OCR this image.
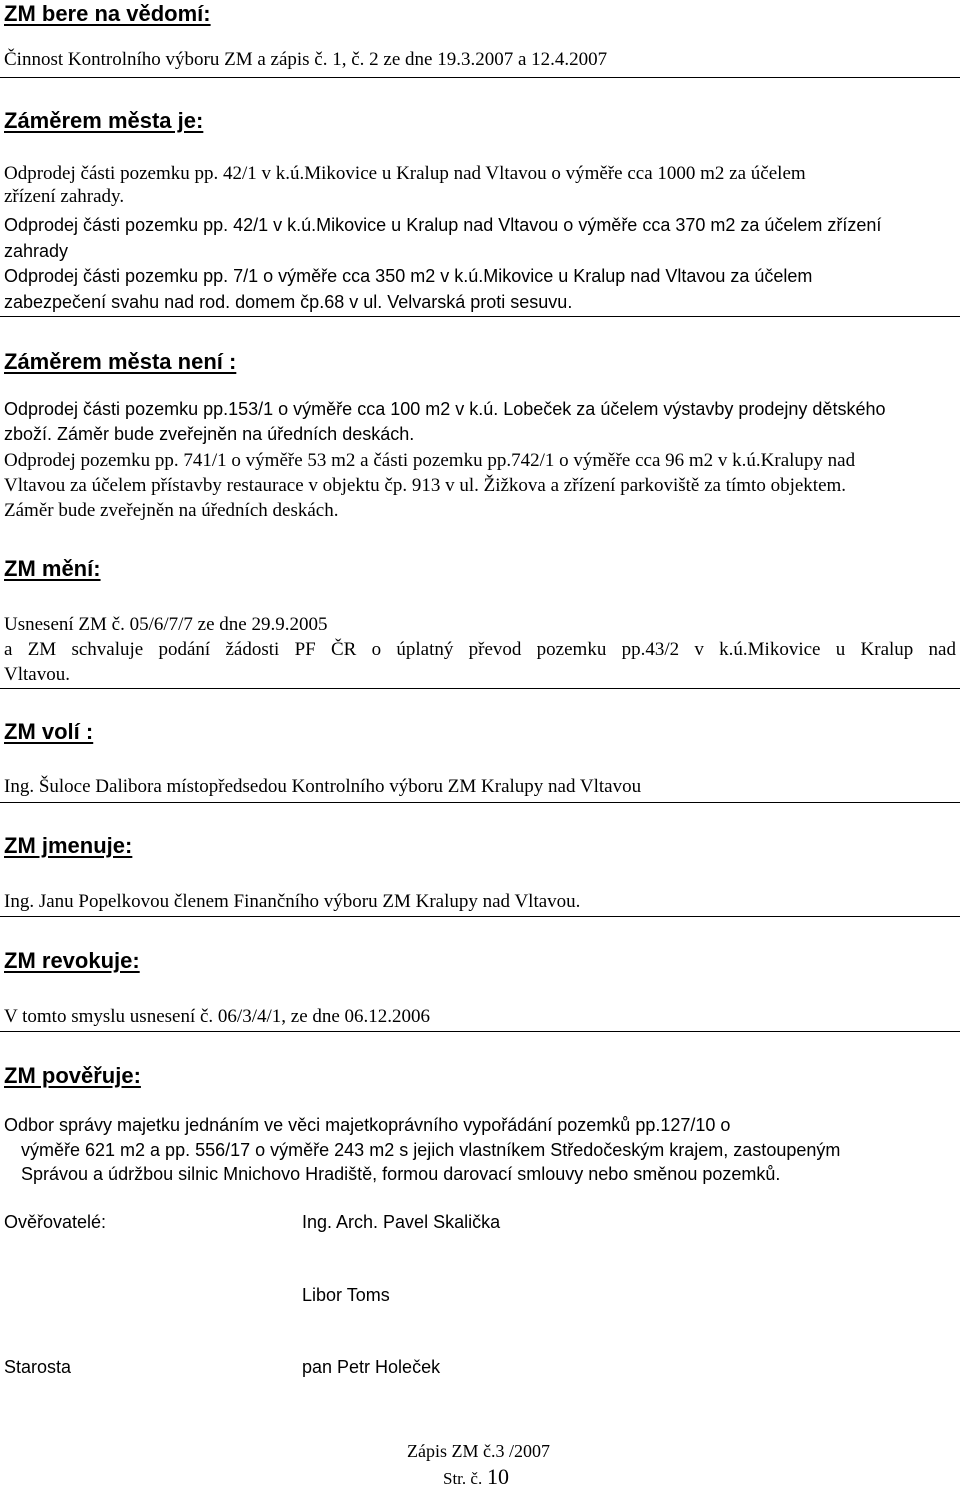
ZM bere na vědomí:

Činnost Kontrolního výboru ZM a zápis č. 1, č. 2 ze dne 19.3.2007 a 12.4.2007

Záměrem města je:

Odprodej části pozemku pp. 42/1 v k.ú.Mikovice u Kralup nad Vltavou o výměře cca 1000 m2 za účelem

zřízení zahrady.

Odprodej části pozemku pp. 42/1 v k.ú.Mikovice u Kralup nad Vltavou o výměře cca 370 m2 za účelem zřízení

zahrady

Odprodej části pozemku pp. 7/1 o výměře cca 350 m2 v k.ú.Mikovice u Kralup nad Vltavou za účelem

zabezpečení svahu nad rod. domem čp.68 v ul. Velvarská proti sesuvu.

Záměrem města není :

Odprodej části pozemku pp.153/1 o výměře cca 100 m2 v k.ú. Lobeček za účelem výstavby prodejny dětského

zboží. Záměr bude zveřejněn na úředních deskách.

Odprodej pozemku pp. 741/1 o výměře 53 m2 a části pozemku pp.742/1 o výměře cca 96 m2 v k.ú.Kralupy nad

Vltavou za účelem přístavby restaurace v objektu čp. 913 v ul. Žižkova a zřízení parkoviště za tímto objektem.

Záměr bude zveřejněn na úředních deskách.

ZM mění:

Usnesení ZM č. 05/6/7/7 ze dne 29.9.2005

a ZM schvaluje podání žádosti PF ČR o úplatný převod pozemku pp.43/2 v k.ú.Mikovice u Kralup nad

Vltavou.

ZM volí :

Ing. Šuloce Dalibora místopředsedou Kontrolního výboru ZM Kralupy nad Vltavou

ZM jmenuje:

Ing. Janu Popelkovou členem Finančního výboru ZM Kralupy nad Vltavou.

ZM revokuje:

V tomto smyslu usnesení č. 06/3/4/1, ze dne 06.12.2006

ZM pověřuje:

Odbor správy majetku jednáním ve věci majetkoprávního vypořádání pozemků pp.127/10 o

výměře 621 m2 a pp. 556/17 o výměře 243 m2 s jejich vlastníkem Středočeským krajem, zastoupeným

Správou a údržbou silnic Mnichovo Hradiště, formou darovací smlouvy nebo směnou pozemků.

Ověřovatelé:	Ing. Arch. Pavel Skalička

Libor Toms

Starosta	pan Petr Holeček

Zápis ZM č.3 /2007

Str. č. 10
